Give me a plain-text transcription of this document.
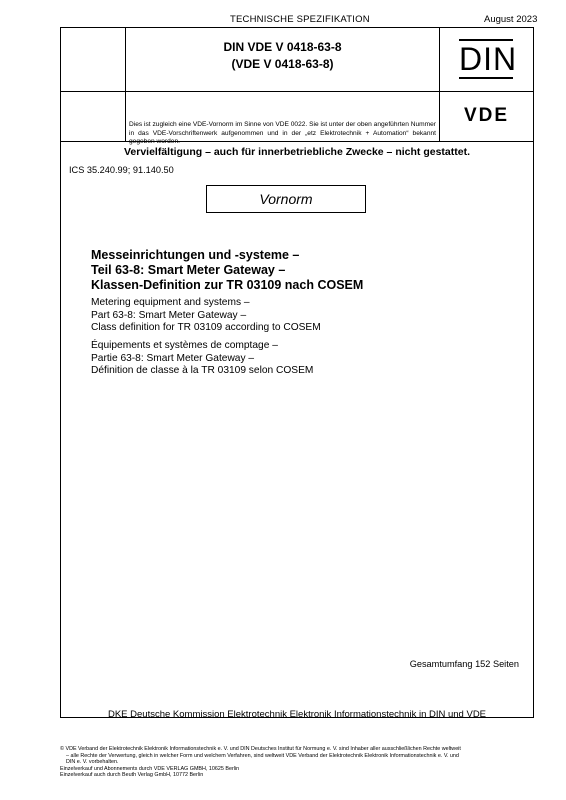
TECHNISCHE SPEZIFIKATION	August 2023
DIN VDE V 0418-63-8
(VDE V 0418-63-8)	DIN
VDE
Dies ist zugleich eine VDE-Vornorm im Sinne von VDE 0022. Sie ist unter der oben angeführten Nummer in das VDE-Vorschriftenwerk aufgenommen und in der „etz Elektrotechnik + Automation“ bekannt gegeben worden.
Vervielfältigung – auch für innerbetriebliche Zwecke – nicht gestattet.
ICS 35.240.99; 91.140.50
Vornorm
Messeinrichtungen und -systeme –
Teil 63-8: Smart Meter Gateway –
Klassen-Definition zur TR 03109 nach COSEM
Metering equipment and systems –
Part 63-8: Smart Meter Gateway –
Class definition for TR 03109 according to COSEM
Équipements et systèmes de comptage –
Partie 63-8: Smart Meter Gateway –
Définition de classe à la TR 03109 selon COSEM
Gesamtumfang 152 Seiten
DKE Deutsche Kommission Elektrotechnik Elektronik Informationstechnik in DIN und VDE
© VDE Verband der Elektrotechnik Elektronik Informationstechnik e. V. und DIN Deutsches Institut für Normung e. V. sind Inhaber aller ausschließlichen Rechte weltweit
– alle Rechte der Verwertung, gleich in welcher Form und welchem Verfahren, sind weltweit VDE Verband der Elektrotechnik Elektronik Informationstechnik e. V. und
DIN e. V. vorbehalten.
Einzelverkauf und Abonnements durch VDE VERLAG GMBH, 10625 Berlin
Einzelverkauf auch durch Beuth Verlag GmbH, 10772 Berlin
